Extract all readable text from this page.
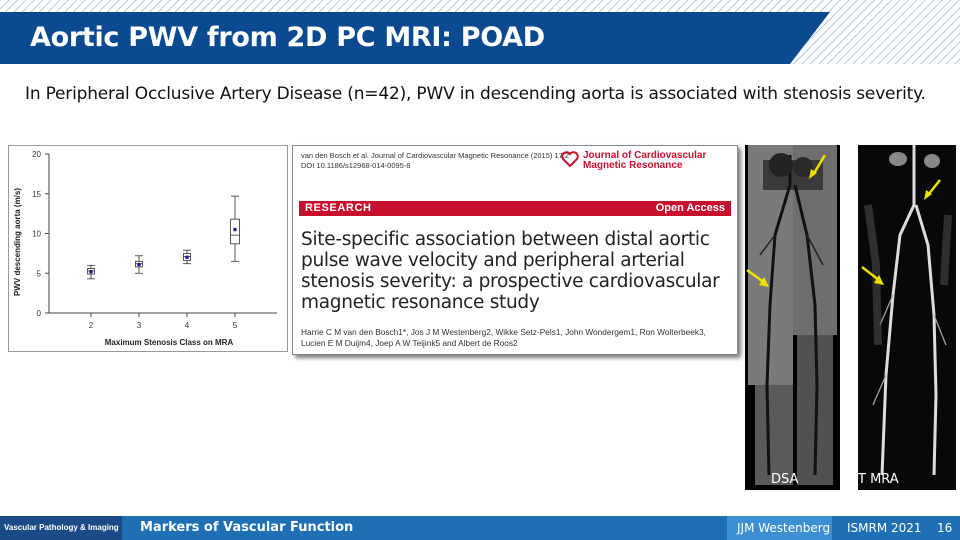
Aortic PWV from 2D PC MRI: POAD
In Peripheral Occlusive Artery Disease (n=42), PWV in descending aorta is associated with stenosis severity.
0
5
10
15
20
2	3	4	5
PWV descending aorta (m/s)
Maximum Stenosis Class on MRA
van den Bosch et al. Journal of Cardiovascular Magnetic Resonance (2015) 17:2
DOI 10.1186/s12968-014-0095-8
Journal of Cardiovascular
Magnetic Resonance
RESEARCH	Open Access
Site-specific association between distal aortic pulse wave velocity and peripheral arterial stenosis severity: a prospective cardiovascular magnetic resonance study
Harrie C M van den Bosch1*, Jos J M Westenberg2, Wikke Setz-Pels1, John Wondergem1, Ron Wolterbeek3, Lucien E M Duijm4, Joep A W Teijink5 and Albert de Roos2
DSA	T MRA
Vascular Pathology & Imaging Markers of Vascular Function	JJM Westenberg ISMRM 2021 16
